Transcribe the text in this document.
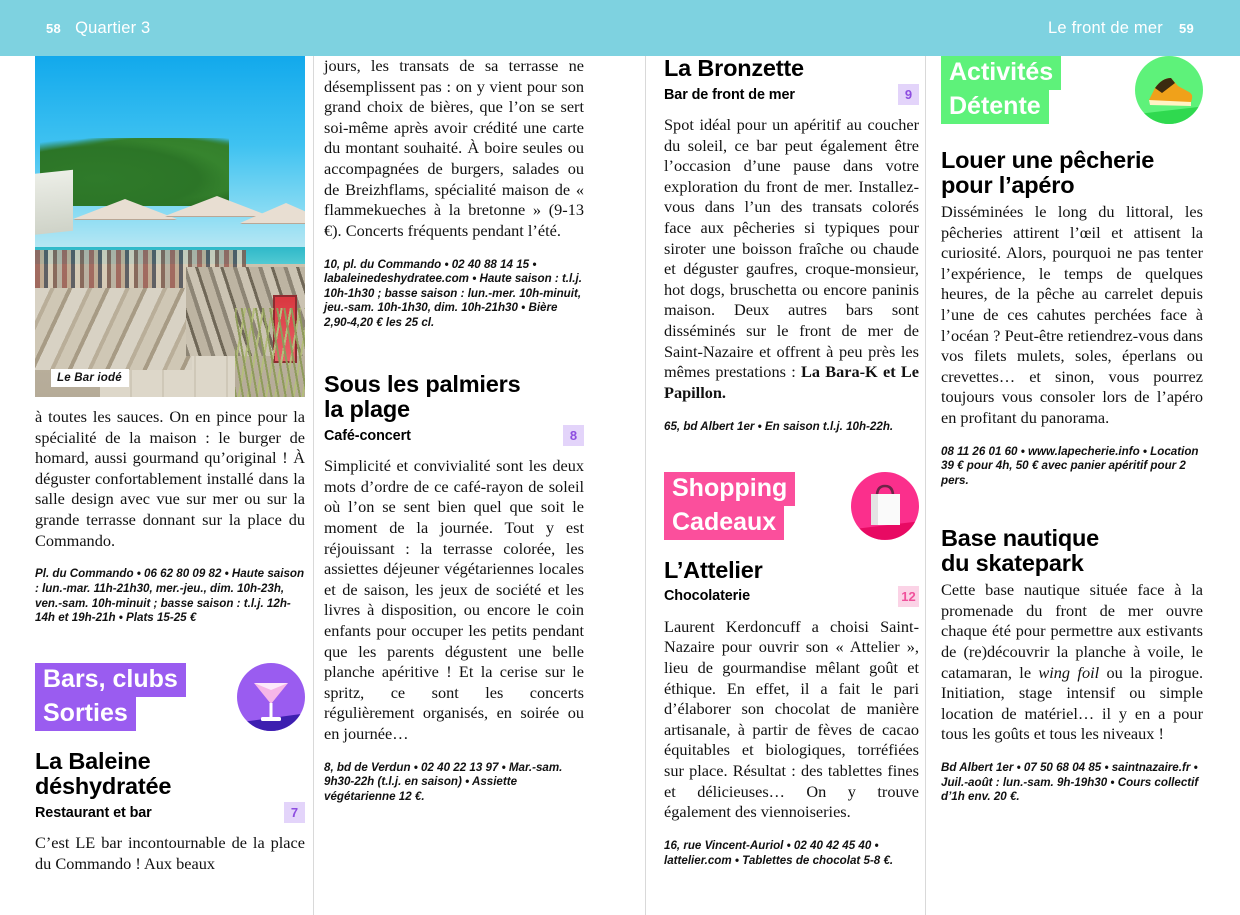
58 Quartier 3	Le front de mer 59
Le Bar iodé

à toutes les sauces. On en pince pour la spécialité de la maison : le burger de homard, aussi gourmand qu’original ! À déguster confortablement installé dans la salle design avec vue sur mer ou sur la grande terrasse donnant sur la place du Commando.

Pl. du Commando • 06 62 80 09 82 • Haute saison : lun.-mar. 11h-21h30, mer.-jeu., dim. 10h-23h, ven.-sam. 10h-minuit ; basse saison : t.l.j. 12h-14h et 19h-21h • Plats 15-25 €

Bars, clubs
Sorties
La Baleine
déshydratée
Restaurant et bar	7

C’est LE bar incontournable de la place du Commando ! Aux beaux

jours, les transats de sa terrasse ne désemplissent pas : on y vient pour son grand choix de bières, que l’on se sert soi-même après avoir crédité une carte du montant souhaité. À boire seules ou accompagnées de burgers, salades ou de Breizhflams, spécialité maison de « flammekueches à la bretonne » (9-13 €). Concerts fréquents pendant l’été.

10, pl. du Commando • 02 40 88 14 15 • labaleinedeshydratee.com • Haute saison : t.l.j. 10h-1h30 ; basse saison : lun.-mer. 10h-minuit, jeu.-sam. 10h-1h30, dim. 10h-21h30 • Bière 2,90-4,20 € les 25 cl.

Sous les palmiers
la plage
Café-concert	8

Simplicité et convivialité sont les deux mots d’ordre de ce café-rayon de soleil où l’on se sent bien quel que soit le moment de la journée. Tout y est réjouissant : la terrasse colorée, les assiettes déjeuner végétariennes locales et de saison, les jeux de société et les livres à disposition, ou encore le coin enfants pour occuper les petits pendant que les parents dégustent une belle planche apéritive ! Et la cerise sur le spritz, ce sont les concerts régulièrement organisés, en soirée ou en journée…

8, bd de Verdun • 02 40 22 13 97 • Mar.-sam. 9h30-22h (t.l.j. en saison) • Assiette végétarienne 12 €.

La Bronzette
Bar de front de mer	9

Spot idéal pour un apéritif au coucher du soleil, ce bar peut également être l’occasion d’une pause dans votre exploration du front de mer. Installez-vous dans l’un des transats colorés face aux pêcheries si typiques pour siroter une boisson fraîche ou chaude et déguster gaufres, croque-monsieur, hot dogs, bruschetta ou encore paninis maison. Deux autres bars sont disséminés sur le front de mer de Saint-Nazaire et offrent à peu près les mêmes prestations : La Bara-K et Le Papillon.

65, bd Albert 1er • En saison t.l.j. 10h-22h.

Shopping
Cadeaux
L’Attelier
Chocolaterie	12

Laurent Kerdoncuff a choisi Saint-Nazaire pour ouvrir son « Attelier », lieu de gourmandise mêlant goût et éthique. En effet, il a fait le pari d’élaborer son chocolat de manière artisanale, à partir de fèves de cacao équitables et biologiques, torréfiées sur place. Résultat : des tablettes fines et délicieuses… On y trouve également des viennoiseries.

16, rue Vincent-Auriol • 02 40 42 45 40 • lattelier.com • Tablettes de chocolat 5-8 €.

Activités
Détente
Louer une pêcherie
pour l’apéro

Disséminées le long du littoral, les pêcheries attirent l’œil et attisent la curiosité. Alors, pourquoi ne pas tenter l’expérience, le temps de quelques heures, de la pêche au carrelet depuis l’une de ces cahutes perchées face à l’océan ? Peut-être retiendrez-vous dans vos filets mulets, soles, éperlans ou crevettes… et sinon, vous pourrez toujours vous consoler lors de l’apéro en profitant du panorama.

08 11 26 01 60 • www.lapecherie.info • Location 39 € pour 4h, 50 € avec panier apéritif pour 2 pers.

Base nautique
du skatepark

Cette base nautique située face à la promenade du front de mer ouvre chaque été pour permettre aux estivants de (re)découvrir la planche à voile, le catamaran, le wing foil ou la pirogue. Initiation, stage intensif ou simple location de matériel… il y en a pour tous les goûts et tous les niveaux !

Bd Albert 1er • 07 50 68 04 85 • saintnazaire.fr • Juil.-août : lun.-sam. 9h-19h30 • Cours collectif d’1h env. 20 €.
